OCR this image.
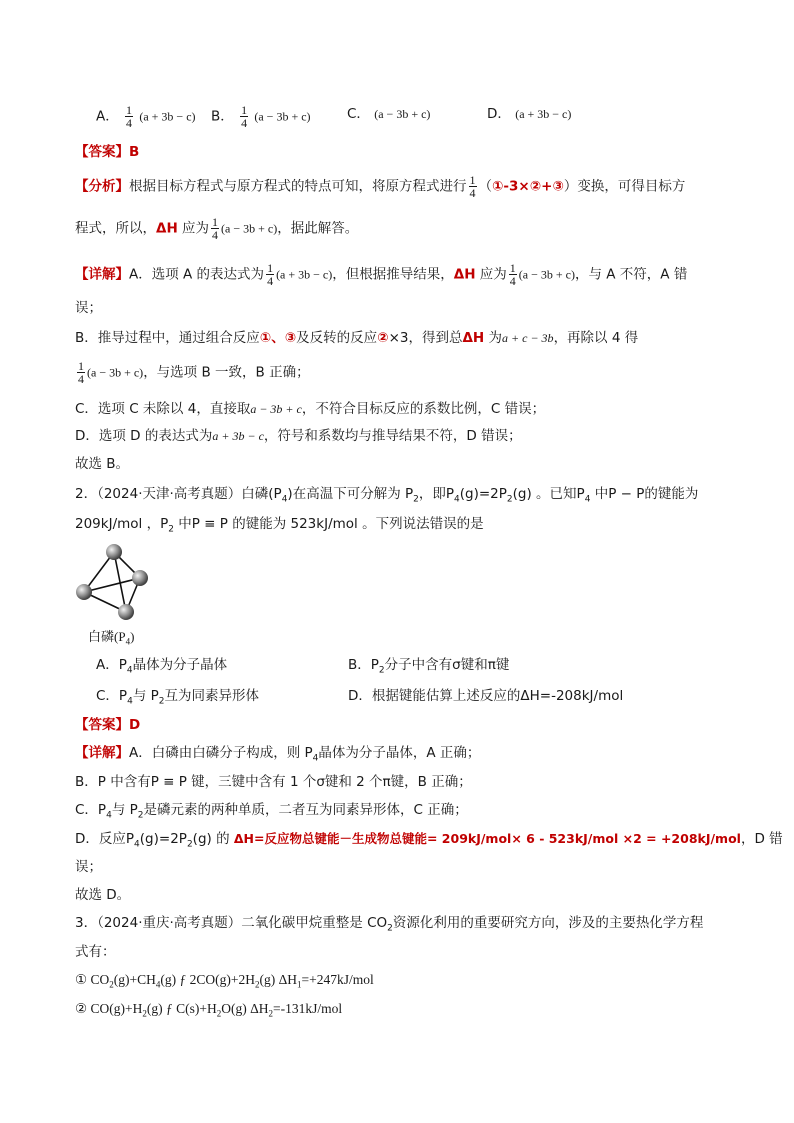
A． $\frac{1}{4} (a + 3b - c)$ B． $\frac{1}{4} (a - 3b + c)$	C． (a − 3b + c)	D． (a + 3b − c)
【答案】B
【分析】根据目标方程式与原方程式的特点可知，将原方程式进行 $\frac{1}{4}$ （①-3×②+③）变换，可得目标方
程式，所以，ΔH 应为 $\frac{1}{4} (a - 3b + c)$，据此解答。
【详解】A．选项 A 的表达式为 $\frac{1}{4} (a + 3b - c)$，但根据推导结果，ΔH 应为 $\frac{1}{4} (a - 3b + c)$，与 A 不符，A 错
误；
B．推导过程中，通过组合反应①、③及反转的反应②×3，得到总ΔH 为a + c − 3b，再除以 4 得
$\frac{1}{4} (a - 3b + c)$，与选项 B 一致，B 正确；
C．选项 C 未除以 4，直接取a − 3b + c，不符合目标反应的系数比例，C 错误；
D．选项 D 的表达式为a + 3b − c，符号和系数均与推导结果不符，D 错误；
故选 B。
2．（2024·天津·高考真题）白磷$(P_4)$在高温下可分解为 $P_2$，即$P_4(g)=2P_2(g)$ 。已知$P_4$ 中P − P的键能为
209kJ/mol ，$P_2$ 中P ≡ P 的键能为 523kJ/mol 。下列说法错误的是
白磷$(P_4)$
A．$P_4$晶体为分子晶体	B．$P_2$分子中含有σ键和π键
C．$P_4$与 $P_2$互为同素异形体	D．根据键能估算上述反应的ΔH=-208kJ/mol
【答案】D
【详解】A．白磷由白磷分子构成，则 $P_4$晶体为分子晶体，A 正确；
B．P 中含有P ≡ P 键，三键中含有 1 个σ键和 2 个π键，B 正确；
C．$P_4$与 $P_2$是磷元素的两种单质，二者互为同素异形体，C 正确；
D．反应$P_4(g)=2P_2(g)$ 的 ΔH=反应物总键能－生成物总键能= 209kJ/mol× 6 - 523kJ/mol ×2 = +208kJ/mol，D 错
误；
故选 D。
3．（2024·重庆·高考真题）二氧化碳甲烷重整是 $CO_2$资源化利用的重要研究方向，涉及的主要热化学方程
式有：
① $CO_2(g)+CH_4(g)$ ƒ $2CO(g)+2H_2(g)$ $\Delta H_1=+247kJ$/mol
② $CO(g)+H_2(g)$ ƒ $C(s)+H_2O(g)$ $\Delta H_2=-131kJ$/mol
